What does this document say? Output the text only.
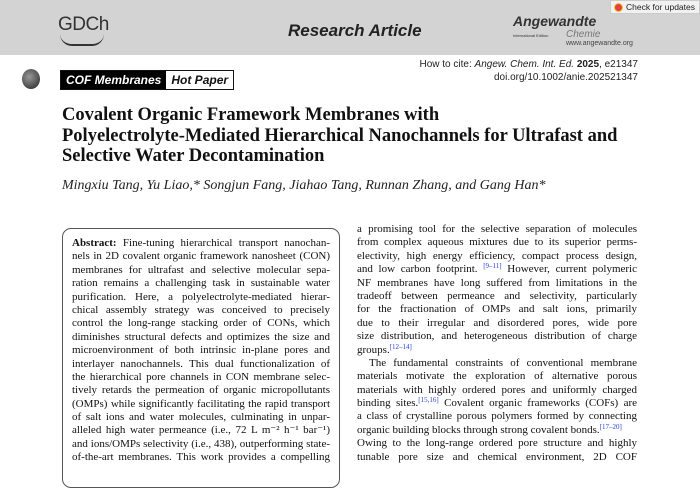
GDCh	Research Article	Angewandte
International Edition Chemie
www.angewandte.org
Check for updates
How to cite: Angew. Chem. Int. Ed. 2025, e21347
doi.org/10.1002/anie.202521347
COF Membranes Hot Paper
Covalent Organic Framework Membranes with
Polyelectrolyte-Mediated Hierarchical Nanochannels for Ultrafast and
Selective Water Decontamination
Mingxiu Tang, Yu Liao,* Songjun Fang, Jiahao Tang, Runnan Zhang, and Gang Han*
Abstract: Fine-tuning hierarchical transport nanochan-
nels in 2D covalent organic framework nanosheet (CON)
membranes for ultrafast and selective molecular sepa-
ration remains a challenging task in sustainable water
purification. Here, a polyelectrolyte-mediated hierar-
chical assembly strategy was conceived to precisely
control the long-range stacking order of CONs, which
diminishes structural defects and optimizes the size and
microenvironment of both intrinsic in-plane pores and
interlayer nanochannels. This dual functionalization of
the hierarchical pore channels in CON membrane selec-
tively retards the permeation of organic micropollutants
(OMPs) while significantly facilitating the rapid transport
of salt ions and water molecules, culminating in unpar-
alleled high water permeance (i.e., 72 L m⁻² h⁻¹ bar⁻¹)
and ions/OMPs selectivity (i.e., 438), outperforming state-
of-the-art membranes. This work provides a compelling
a promising tool for the selective separation of molecules
from complex aqueous mixtures due to its superior perms-
electivity, high energy efficiency, compact process design,
and low carbon footprint. [9–11] However, current polymeric
NF membranes have long suffered from limitations in the
tradeoff between permeance and selectivity, particularly
for the fractionation of OMPs and salt ions, primarily
due to their irregular and disordered pores, wide pore
size distribution, and heterogeneous distribution of charge
groups.[12–14]
The fundamental constraints of conventional membrane
materials motivate the exploration of alternative porous
materials with highly ordered pores and uniformly charged
binding sites.[15,16] Covalent organic frameworks (COFs) are
a class of crystalline porous polymers formed by connecting
organic building blocks through strong covalent bonds.[17–20]
Owing to the long-range ordered pore structure and highly
tunable pore size and chemical environment, 2D COF
